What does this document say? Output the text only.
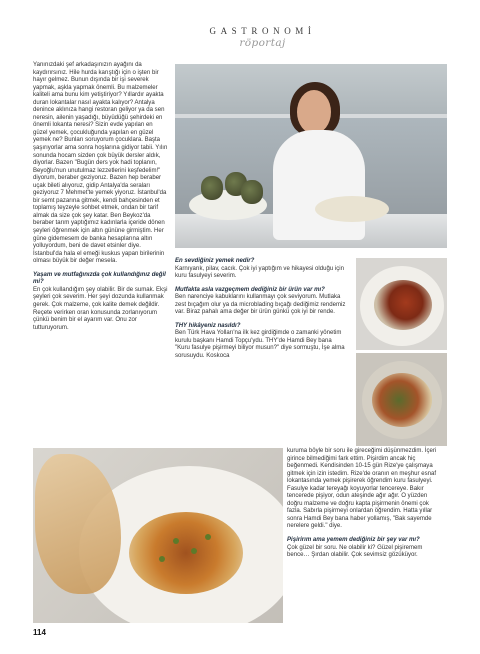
GASTRONOMİ
röportaj

Yanınızdaki şef arkadaşınızın ayağını da kaydırırsınız. Hile hurda karıştığı için o işten bir hayır gelmez. Bunun dışında bir işi severek yapmak, aşkla yapmak önemli. Bu malzemeler kaliteli ama bunu kim yetiştiriyor? Yıllardır ayakta duran lokantalar nasıl ayakta kalıyor? Antalya denince aklınıza hangi restoran geliyor ya da sen neresin, ailenin yaşadığı, büyüdüğü şehirdeki en önemli lokanta neresi? Sizin evde yapılan en güzel yemek, çocukluğunda yapılan en güzel yemek ne? Bunları soruyorum çocuklara. Başta şaşırıyorlar ama sonra hoşlarına gidiyor tabii. Yılın sonunda hocam sizden çok büyük dersler aldık, diyorlar. Bazen "Bugün ders yok hadi toplanın, Beyoğlu'nun unutulmaz lezzetlerini keşfedelim!" diyorum, beraber geziyoruz. Bazen hep beraber uçak bileti alıyoruz, gidip Antalya'da seraları geziyoruz 7 Mehmet'te yemek yiyoruz. İstanbul'da bir semt pazarına gitmek, kendi bahçesinden et toplamış teyzeyle sohbet etmek, ondan bir tarif almak da size çok şey katar. Ben Beykoz'da beraber tarım yaptığımız kadınlarla içeride dönen şeyleri öğrenmek için altın gününe girmiştim. Her güne gidemesem de banka hesaplarına altın yolluyordum, beni de davet etsinler diye. İstanbul'da hala el emeği kuskus yapan birilerinin olması büyük bir değer mesela.

Yaşam ve mutfağınızda çok kullandığınız değil mi?

En çok kullandığım şey olabilir. Bir de sumak. Ekşi şeyleri çok severim. Her şeyi dozunda kullanmak gerek. Çok malzeme, çok kalite demek değildir. Reçete verirken oran konusunda zorlanıyorum çünkü benim bir el ayarım var. Onu zor tutturuyorum.

En sevdiğiniz yemek nedir?

Karnıyarık, pilav, cacık. Çok iyi yaptığım ve hikayesi olduğu için kuru fasulyeyi severim.

Mutfakta asla vazgeçmem dediğiniz bir ürün var mı?

Ben narenciye kabuklarını kullanmayı çok seviyorum. Mutlaka zest bıçağım olur ya da microblading bıçağı dediğimiz rendemiz var. Biraz pahalı ama değer bir ürün günkü çok iyi bir rende.

THY hikâyeniz nasıldı?

Ben Türk Hava Yolları'na ilk kez girdiğimde o zamanki yönetim kurulu başkanı Hamdi Topçu'ydu. THY'de Hamdi Bey bana "Kuru fasulye pişirmeyi biliyor musun?" diye sormuştu, İşe alma sorusuydu. Koskoca

kuruma böyle bir soru ile gireceğimi düşünmezdim. İçeri girince bilmediğimi fark ettim. Pişirdim ancak hiç beğenmedi. Kendisinden 10-15 gün Rize'ye çalışmaya gitmek için izin istedim. Rize'de oranın en meşhur esnaf lokantasında yemek pişirerek öğrendim kuru fasulyeyi. Fasulye kadar tereyağı koyuyorlar tencereye. Bakır tencerede pişiyor, odun ateşinde ağır ağır. O yüzden doğru malzeme ve doğru kapta pişirmenin önemi çok fazla. Sabırla pişirmeyi onlardan öğrendim. Hatta yıllar sonra Hamdi Bey bana haber yollamış, "Bak sayemde nerelere geldi." diye.

Pişirirım ama yemem dediğiniz bir şey var mı?

Çok güzel bir soru. Ne olabilir ki? Güzel pişiremem bence… Şırdan olabilir. Çok sevimsiz gözüküyor.

114
